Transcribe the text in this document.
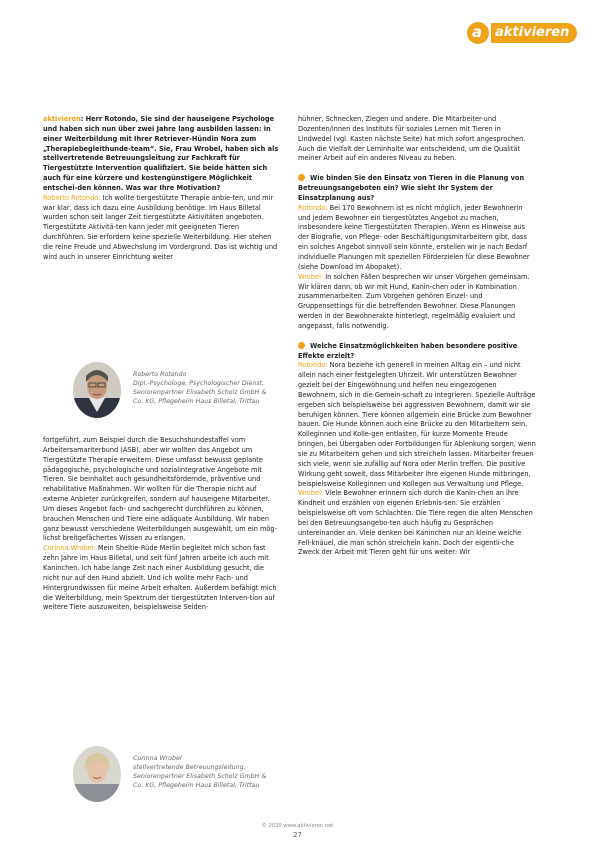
a aktivieren

aktivieren: Herr Rotondo, Sie sind der hauseigene Psychologe und haben sich nun über zwei Jahre lang ausbilden lassen: in einer Weiterbildung mit Ihrer Retriever-Hündin Nora zum „Therapiebegleithunde-team“. Sie, Frau Wrobel, haben sich als stellvertretende Betreuungsleitung zur Fachkraft für Tiergestützte Intervention qualifiziert. Sie beide hätten sich auch für eine kürzere und kostengünstigere Möglichkeit entschei-den können. Was war Ihre Motivation?

Roberto Rotondo: Ich wollte tiergestützte Therapie anbie-ten, und mir war klar, dass ich dazu eine Ausbildung benötige. Im Haus Billetal wurden schon seit langer Zeit tiergestützte Aktivitäten angeboten. Tiergestützte Aktivitä-ten kann jeder mit geeigneten Tieren durchführen. Sie erfordern keine spezielle Weiterbildung. Hier stehen die reine Freude und Abwechslung im Vordergrund. Das ist wichtig und wird auch in unserer Einrichtung weiter

Roberto Rotondo
Dipl.-Psychologe, Psychologischer Dienst,
Seniorenpartner Elisabeth Scholz GmbH &
Co. KG, Pflegeheim Haus Billetal, Trittau

fortgeführt, zum Beispiel durch die Besuchshundestaffel vom Arbeitersamariterbund (ASB), aber wir wollten das Angebot um Tiergestützte Therapie erweitern. Diese umfasst bewusst geplante pädagogische, psychologische und sozialintegrative Angebote mit Tieren. Sie beinhaltet auch gesundheitsfördernde, präventive und rehabilitative Maßnahmen. Wir wollten für die Therapie nicht auf externe Anbieter zurückgreifen, sondern auf hauseigene Mitarbeiter. Um dieses Angebot fach- und sachgerecht durchführen zu können, brauchen Menschen und Tiere eine adäquate Ausbildung. Wir haben ganz bewusst verschiedene Weiterbildungen ausgewählt, um ein mög-lichst breitgefächertes Wissen zu erlangen.

Corinna Wrobel: Mein Sheltie-Rüde Merlin begleitet mich schon fast zehn Jahre im Haus Billetal, und seit fünf Jahren arbeite ich auch mit Kaninchen. Ich habe lange Zeit nach einer Ausbildung gesucht, die nicht nur auf den Hund abzielt. Und ich wollte mehr Fach- und Hintergrundwissen für meine Arbeit erhalten. Außerdem befähigt mich die Weiterbildung, mein Spektrum der tiergestützten Interven-tion auf weitere Tiere auszuweiten, beispielsweise Seiden-

Corinna Wrobel
stellvertretende Betreuungsleitung,
Seniorenpartner Elisabeth Scholz GmbH &
Co. KG, Pflegeheim Haus Billetal, Trittau

hühner, Schnecken, Ziegen und andere. Die Mitarbeiter-und Dozenten/innen des Instituts für soziales Lernen mit Tieren in Lindwedel (vgl. Kasten nächste Seite) hat mich sofort angesprochen. Auch die Vielfalt der Lerninhalte war entscheidend, um die Qualität meiner Arbeit auf ein anderes Niveau zu heben.

Wie binden Sie den Einsatz von Tieren in die Planung von Betreuungsangeboten ein? Wie sieht Ihr System der Einsatzplanung aus?

Rotondo: Bei 170 Bewohnern ist es nicht möglich, jeder Bewohnerin und jedem Bewohner ein tiergestütztes Angebot zu machen, insbesondere keine Tiergestützten Therapien. Wenn es Hinweise aus der Biografie, von Pflege- oder Beschäftigungsmitarbeitern gibt, dass ein solches Angebot sinnvoll sein könnte, erstellen wir je nach Bedarf individuelle Planungen mit speziellen Förderzielen für diese Bewohner (siehe Download im Abopaket).

Wrobel: In solchen Fällen besprechen wir unser Vorgehen gemeinsam. Wir klären dann, ob wir mit Hund, Kanin-chen oder in Kombination zusammenarbeiten. Zum Vorgehen gehören Einzel- und Gruppensettings für die betreffenden Bewohner. Diese Planungen werden in der Bewohnerakte hinterlegt, regelmäßig evaluiert und angepasst, falls notwendig.

Welche Einsatzmöglichkeiten haben besondere positive Effekte erzielt?

Rotondo: Nora beziehe ich generell in meinen Alltag ein – und nicht allein nach einer festgelegten Uhrzeit. Wir unterstützen Bewohner gezielt bei der Eingewöhnung und helfen neu eingezogenen Bewohnern, sich in die Gemein-schaft zu integrieren. Spezielle Aufträge ergeben sich beispielsweise bei aggressiven Bewohnern, damit wir sie beruhigen können. Tiere können allgemein eine Brücke zum Bewohner bauen. Die Hunde können auch eine Brücke zu den Mitarbeitern sein, Kolleginnen und Kolle-gen entlasten, für kurze Momente Freude bringen, bei Übergaben oder Fortbildungen für Ablenkung sorgen, wenn sie zu Mitarbeitern gehen und sich streicheln lassen. Mitarbeiter freuen sich viele, wenn sie zufällig auf Nora oder Merlin treffen. Die positive Wirkung geht soweit, dass Mitarbeiter ihre eigenen Hunde mitbringen, beispielsweise Kolleginnen und Kollegen aus Verwaltung und Pflege.

Wrobel: Viele Bewohner erinnern sich durch die Kanin-chen an ihre Kindheit und erzählen von eigenen Erlebnis-sen. Sie erzählen beispielsweise oft vom Schlachten. Die Tiere regen die alten Menschen bei den Betreuungsangebo-ten auch häufig zu Gesprächen untereinander an. Viele denken bei Kaninchen nur an kleine weiche Fell-knäuel, die man schön streicheln kann. Doch der eigentli-che Zweck der Arbeit mit Tieren geht für uns weiter: Wir

© 2020 www.aktivieren.net
27
